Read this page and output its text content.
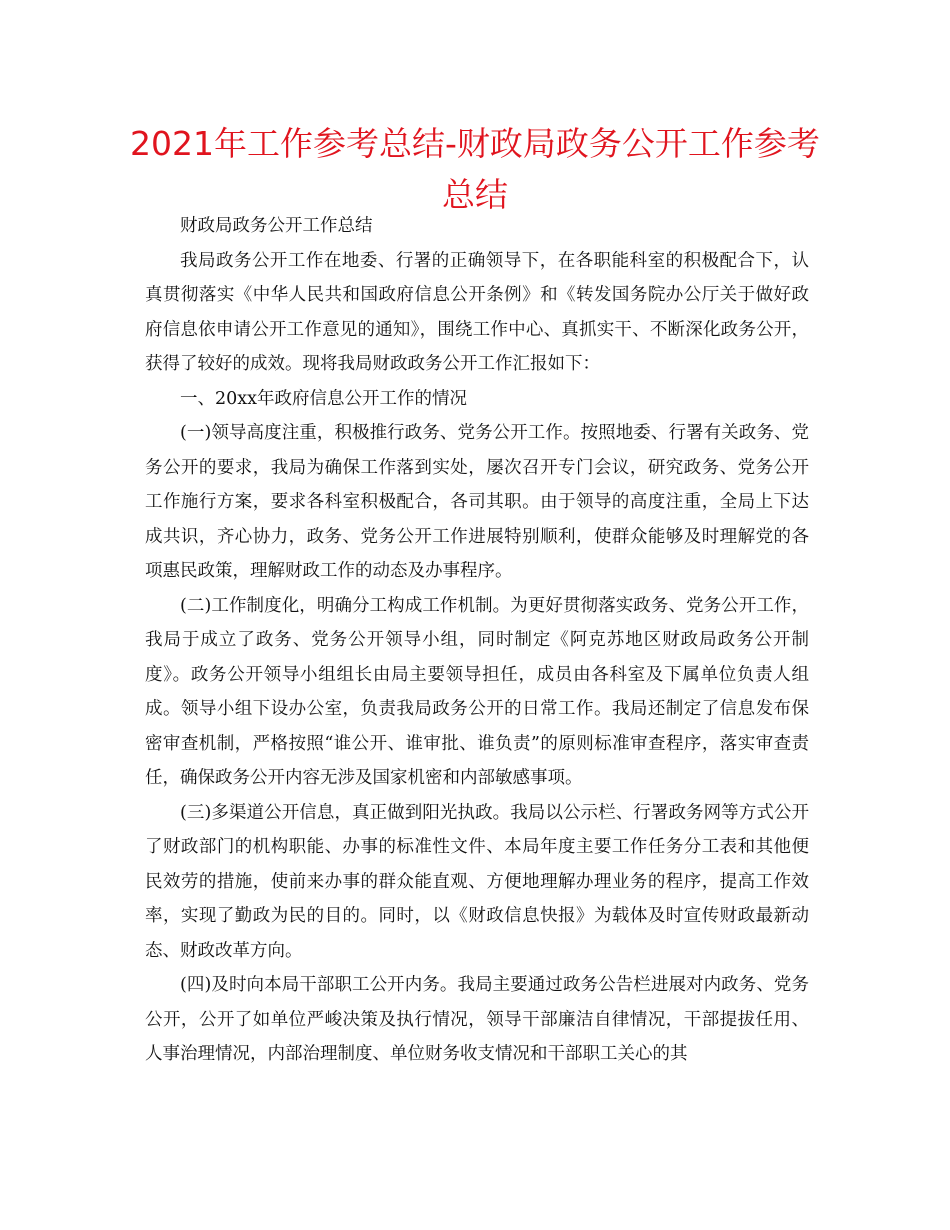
2021年工作参考总结-财政局政务公开工作参考总结

财政局政务公开工作总结

我局政务公开工作在地委、行署的正确领导下，在各职能科室的积极配合下，认真贯彻落实《中华人民共和国政府信息公开条例》和《转发国务院办公厅关于做好政府信息依申请公开工作意见的通知》，围绕工作中心、真抓实干、不断深化政务公开，获得了较好的成效。现将我局财政政务公开工作汇报如下：

一、20xx年政府信息公开工作的情况

(一)领导高度注重，积极推行政务、党务公开工作。按照地委、行署有关政务、党务公开的要求，我局为确保工作落到实处，屡次召开专门会议，研究政务、党务公开工作施行方案，要求各科室积极配合，各司其职。由于领导的高度注重，全局上下达成共识，齐心协力，政务、党务公开工作进展特别顺利，使群众能够及时理解党的各项惠民政策，理解财政工作的动态及办事程序。

(二)工作制度化，明确分工构成工作机制。为更好贯彻落实政务、党务公开工作，我局于成立了政务、党务公开领导小组，同时制定《阿克苏地区财政局政务公开制度》。政务公开领导小组组长由局主要领导担任，成员由各科室及下属单位负责人组成。领导小组下设办公室，负责我局政务公开的日常工作。我局还制定了信息发布保密审查机制，严格按照“谁公开、谁审批、谁负责”的原则标准审查程序，落实审查责任，确保政务公开内容无涉及国家机密和内部敏感事项。

(三)多渠道公开信息，真正做到阳光执政。我局以公示栏、行署政务网等方式公开了财政部门的机构职能、办事的标准性文件、本局年度主要工作任务分工表和其他便民效劳的措施，使前来办事的群众能直观、方便地理解办理业务的程序，提高工作效率，实现了勤政为民的目的。同时，以《财政信息快报》为载体及时宣传财政最新动态、财政改革方向。

(四)及时向本局干部职工公开内务。我局主要通过政务公告栏进展对内政务、党务公开，公开了如单位严峻决策及执行情况，领导干部廉洁自律情况，干部提拔任用、人事治理情况，内部治理制度、单位财务收支情况和干部职工关心的其
